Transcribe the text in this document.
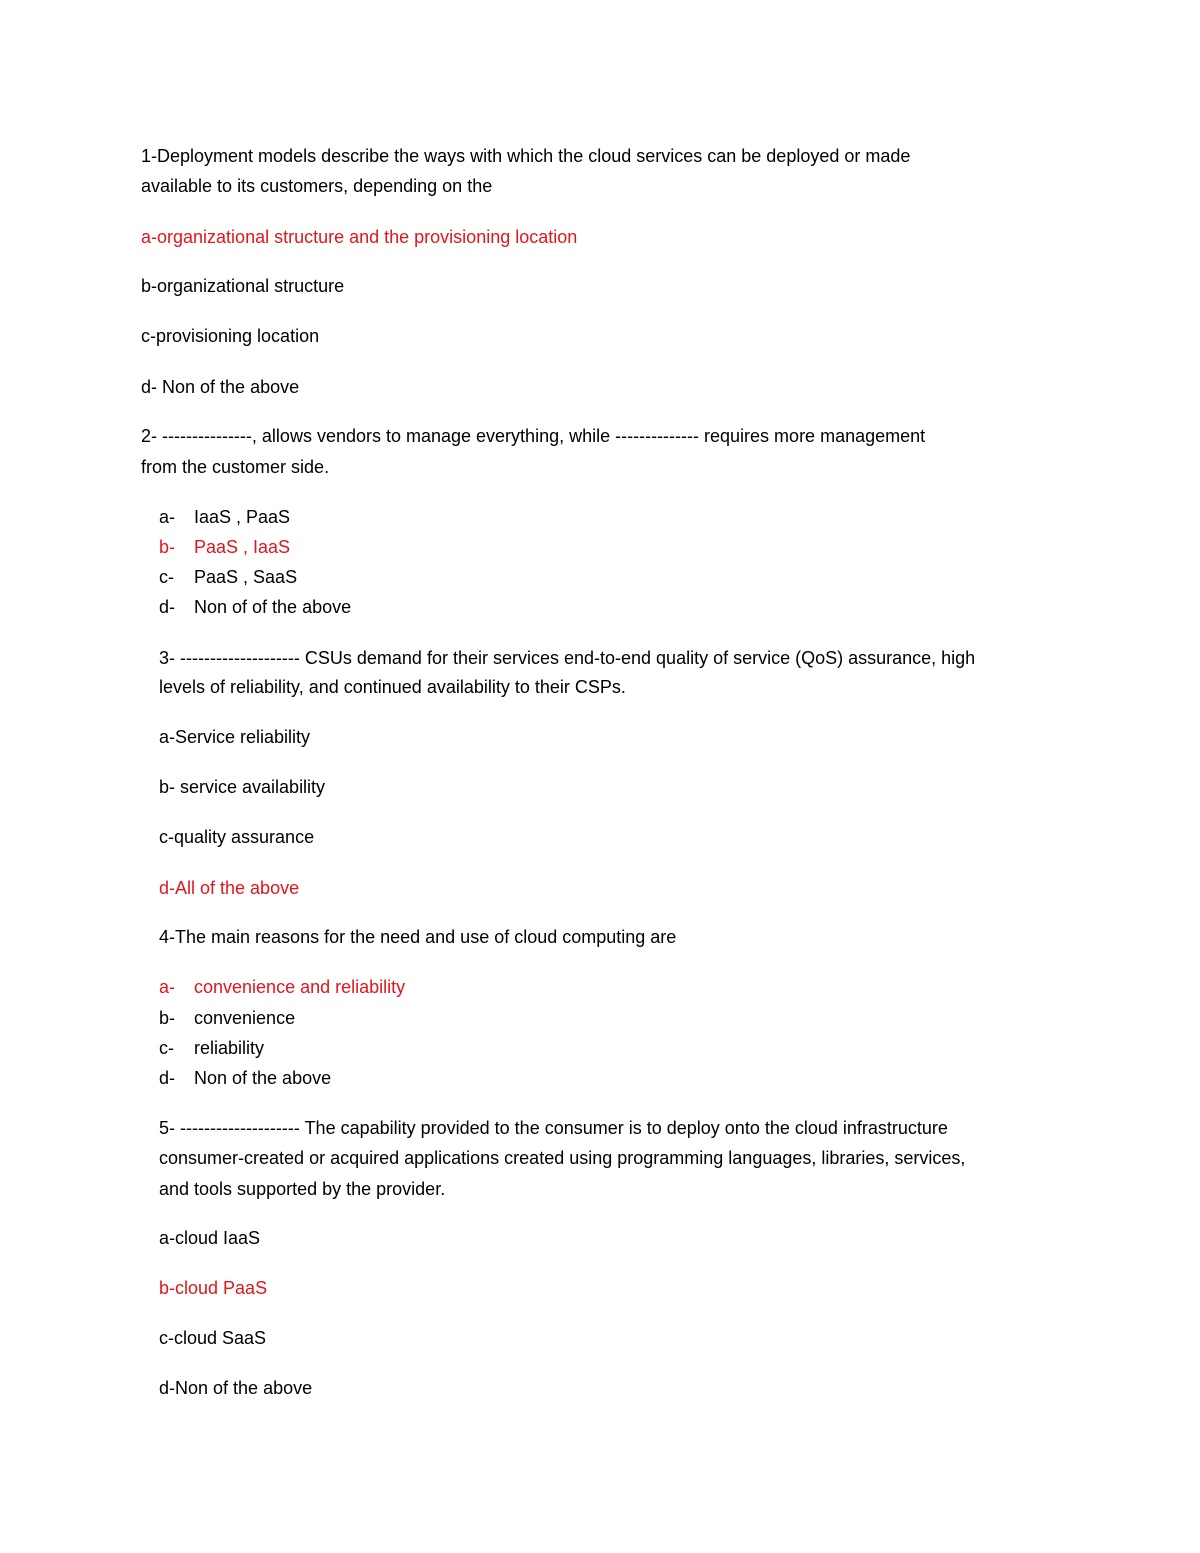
1-Deployment models describe the ways with which the cloud services can be deployed or made

available to its customers, depending on the

a-organizational structure and the provisioning location

b-organizational structure

c-provisioning location

d- Non of the above

2- ---------------, allows vendors to manage everything, while -------------- requires more management

from the customer side.

a- IaaS , PaaS
b- PaaS , IaaS
c- PaaS , SaaS
d- Non of of the above

3- -------------------- CSUs demand for their services end-to-end quality of service (QoS) assurance, high

levels of reliability, and continued availability to their CSPs.

a-Service reliability

b- service availability

c-quality assurance

d-All of the above

4-The main reasons for the need and use of cloud computing are

a- convenience and reliability
b- convenience
c- reliability
d- Non of the above

5- -------------------- The capability provided to the consumer is to deploy onto the cloud infrastructure

consumer-created or acquired applications created using programming languages, libraries, services,

and tools supported by the provider.

a-cloud IaaS

b-cloud PaaS

c-cloud SaaS

d-Non of the above
